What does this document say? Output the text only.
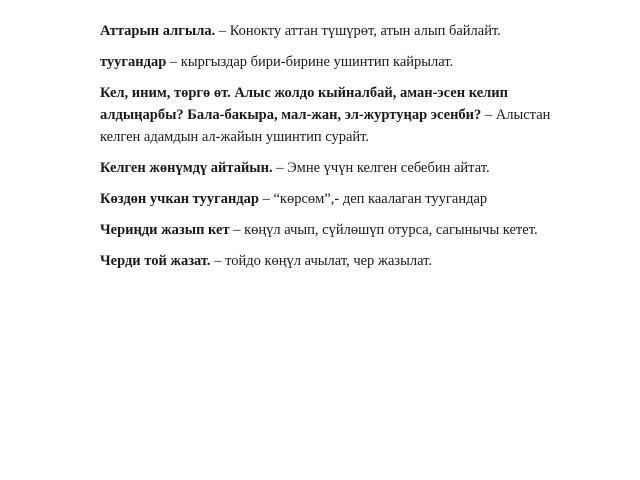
Аттарын алгыла. – Конокту аттан түшүрөт, атын алып байлайт.

туугандар – кыргыздар бири-бирине ушинтип кайрылат.

Кел, иним, төргө өт. Алыс жолдо кыйналбай, аман-эсен келип алдыңарбы? Бала-бакыра, мал-жан, эл-журтуңар эсенби? – Алыстан келген адамдын ал-жайын ушинтип сурайт.

Келген жөнүмдү айтайын. – Эмне үчүн келген себебин айтат.

Көздөн учкан туугандар – “көрсөм”,- деп каалаган туугандар

Чериңди жазып кет – көңүл ачып, сүйлөшүп отурса, сагынычы кетет.

Черди той жазат. – тойдо көңүл ачылат, чер жазылат.
